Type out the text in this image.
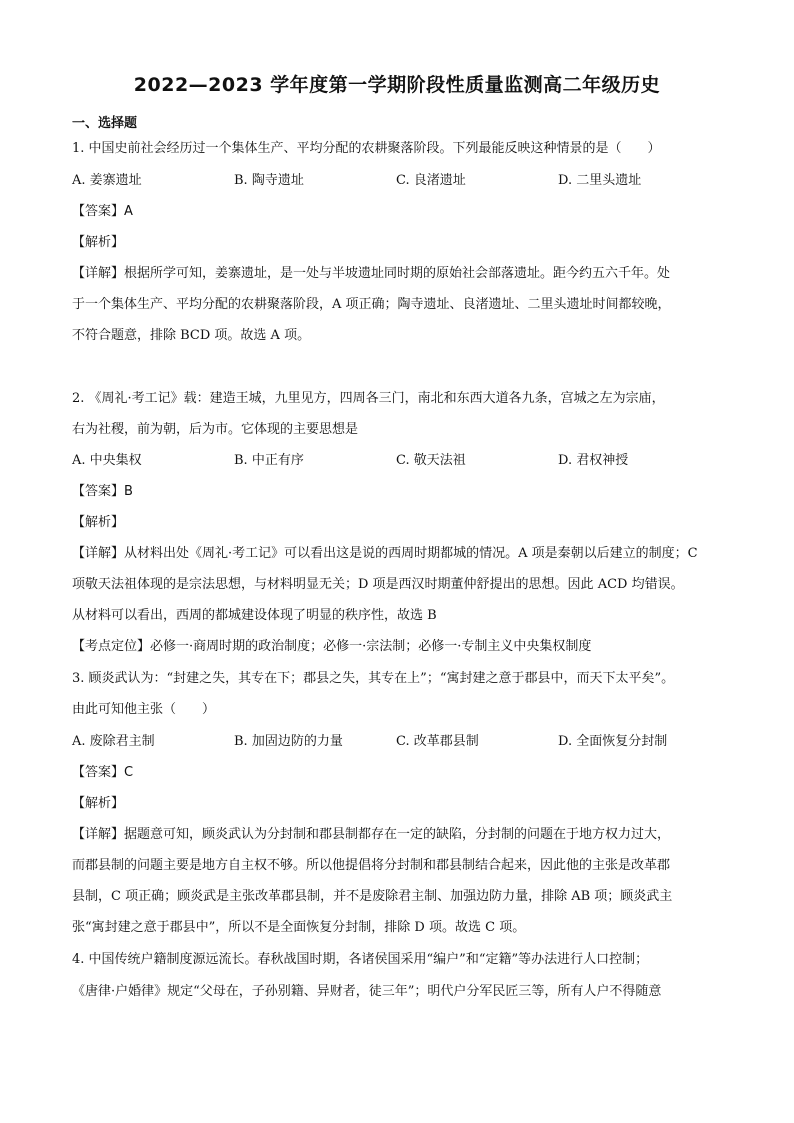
2022—2023 学年度第一学期阶段性质量监测高二年级历史
一、选择题
1. 中国史前社会经历过一个集体生产、平均分配的农耕聚落阶段。下列最能反映这种情景的是（　　）
A. 姜寨遗址	B. 陶寺遗址	C. 良渚遗址	D. 二里头遗址
【答案】A
【解析】
【详解】根据所学可知，姜寨遗址，是一处与半坡遗址同时期的原始社会部落遗址。距今约五六千年。处
于一个集体生产、平均分配的农耕聚落阶段，A 项正确；陶寺遗址、良渚遗址、二里头遗址时间都较晚，
不符合题意，排除 BCD 项。故选 A 项。
2. 《周礼·考工记》载：建造王城，九里见方，四周各三门，南北和东西大道各九条，宫城之左为宗庙，
右为社稷，前为朝，后为市。它体现的主要思想是
A. 中央集权	B. 中正有序	C. 敬天法祖	D. 君权神授
【答案】B
【解析】
【详解】从材料出处《周礼·考工记》可以看出这是说的西周时期都城的情况。A 项是秦朝以后建立的制度；C
项敬天法祖体现的是宗法思想，与材料明显无关；D 项是西汉时期董仲舒提出的思想。因此 ACD 均错误。
从材料可以看出，西周的都城建设体现了明显的秩序性，故选 B
【考点定位】必修一·商周时期的政治制度；必修一·宗法制；必修一·专制主义中央集权制度
3. 顾炎武认为：“封建之失，其专在下；郡县之失，其专在上”；“寓封建之意于郡县中，而天下太平矣”。
由此可知他主张（　　）
A. 废除君主制	B. 加固边防的力量	C. 改革郡县制	D. 全面恢复分封制
【答案】C
【解析】
【详解】据题意可知，顾炎武认为分封制和郡县制都存在一定的缺陷，分封制的问题在于地方权力过大，
而郡县制的问题主要是地方自主权不够。所以他提倡将分封制和郡县制结合起来，因此他的主张是改革郡
县制，C 项正确；顾炎武是主张改革郡县制，并不是废除君主制、加强边防力量，排除 AB 项；顾炎武主
张“寓封建之意于郡县中”，所以不是全面恢复分封制，排除 D 项。故选 C 项。
4. 中国传统户籍制度源远流长。春秋战国时期，各诸侯国采用“编户”和“定籍”等办法进行人口控制；
《唐律·户婚律》规定“父母在，子孙别籍、异财者，徒三年”；明代户分军民匠三等，所有人户不得随意
